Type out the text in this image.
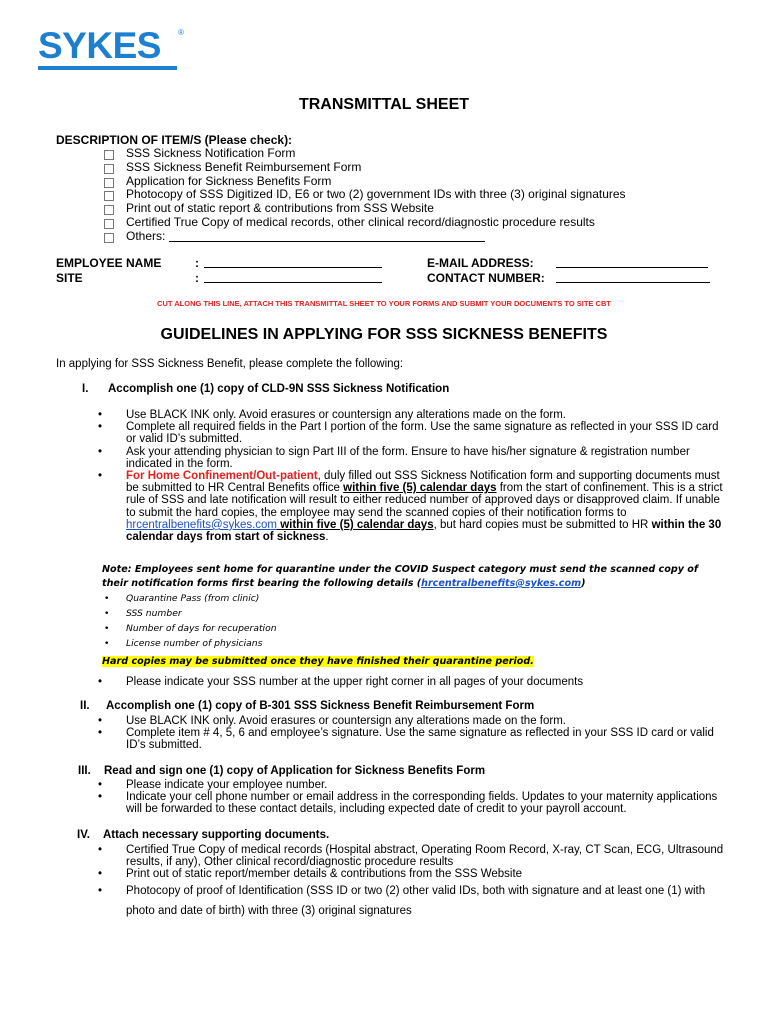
SYKES	®
TRANSMITTAL SHEET
DESCRIPTION OF ITEM/S (Please check):
SSS Sickness Notification Form
SSS Sickness Benefit Reimbursement Form
Application for Sickness Benefits Form
Photocopy of SSS Digitized ID, E6 or two (2) government IDs with three (3) original signatures
Print out of static report & contributions from SSS Website
Certified True Copy of medical records, other clinical record/diagnostic procedure results
Others:
EMPLOYEE NAME	:
SITE	:
E-MAIL ADDRESS:
CONTACT NUMBER:
CUT ALONG THIS LINE, ATTACH THIS TRANSMITTAL SHEET TO YOUR FORMS AND SUBMIT YOUR DOCUMENTS TO SITE CBT
GUIDELINES IN APPLYING FOR SSS SICKNESS BENEFITS
In applying for SSS Sickness Benefit, please complete the following:
I. Accomplish one (1) copy of CLD-9N SSS Sickness Notification
• Use BLACK INK only. Avoid erasures or countersign any alterations made on the form.
• Complete all required fields in the Part I portion of the form. Use the same signature as reflected in your SSS ID card or valid ID’s submitted.
• Ask your attending physician to sign Part III of the form. Ensure to have his/her signature & registration number indicated in the form.
• For Home Confinement/Out-patient, duly filled out SSS Sickness Notification form and supporting documents must be submitted to HR Central Benefits office within five (5) calendar days from the start of confinement. This is a strict rule of SSS and late notification will result to either reduced number of approved days or disapproved claim. If unable to submit the hard copies, the employee may send the scanned copies of their notification forms to hrcentralbenefits@sykes.com within five (5) calendar days, but hard copies must be submitted to HR within the 30 calendar days from start of sickness.
Note: Employees sent home for quarantine under the COVID Suspect category must send the scanned copy of their notification forms first bearing the following details (hrcentralbenefits@sykes.com)
• Quarantine Pass (from clinic)
• SSS number
• Number of days for recuperation
• License number of physicians
Hard copies may be submitted once they have finished their quarantine period.
• Please indicate your SSS number at the upper right corner in all pages of your documents
II. Accomplish one (1) copy of B-301 SSS Sickness Benefit Reimbursement Form
• Use BLACK INK only. Avoid erasures or countersign any alterations made on the form.
• Complete item # 4, 5, 6 and employee’s signature. Use the same signature as reflected in your SSS ID card or valid ID’s submitted.
III. Read and sign one (1) copy of Application for Sickness Benefits Form
• Please indicate your employee number.
• Indicate your cell phone number or email address in the corresponding fields. Updates to your maternity applications will be forwarded to these contact details, including expected date of credit to your payroll account.
IV. Attach necessary supporting documents.
• Certified True Copy of medical records (Hospital abstract, Operating Room Record, X-ray, CT Scan, ECG, Ultrasound results, if any), Other clinical record/diagnostic procedure results
• Print out of static report/member details & contributions from the SSS Website
• Photocopy of proof of Identification (SSS ID or two (2) other valid IDs, both with signature and at least one (1) with photo and date of birth) with three (3) original signatures
